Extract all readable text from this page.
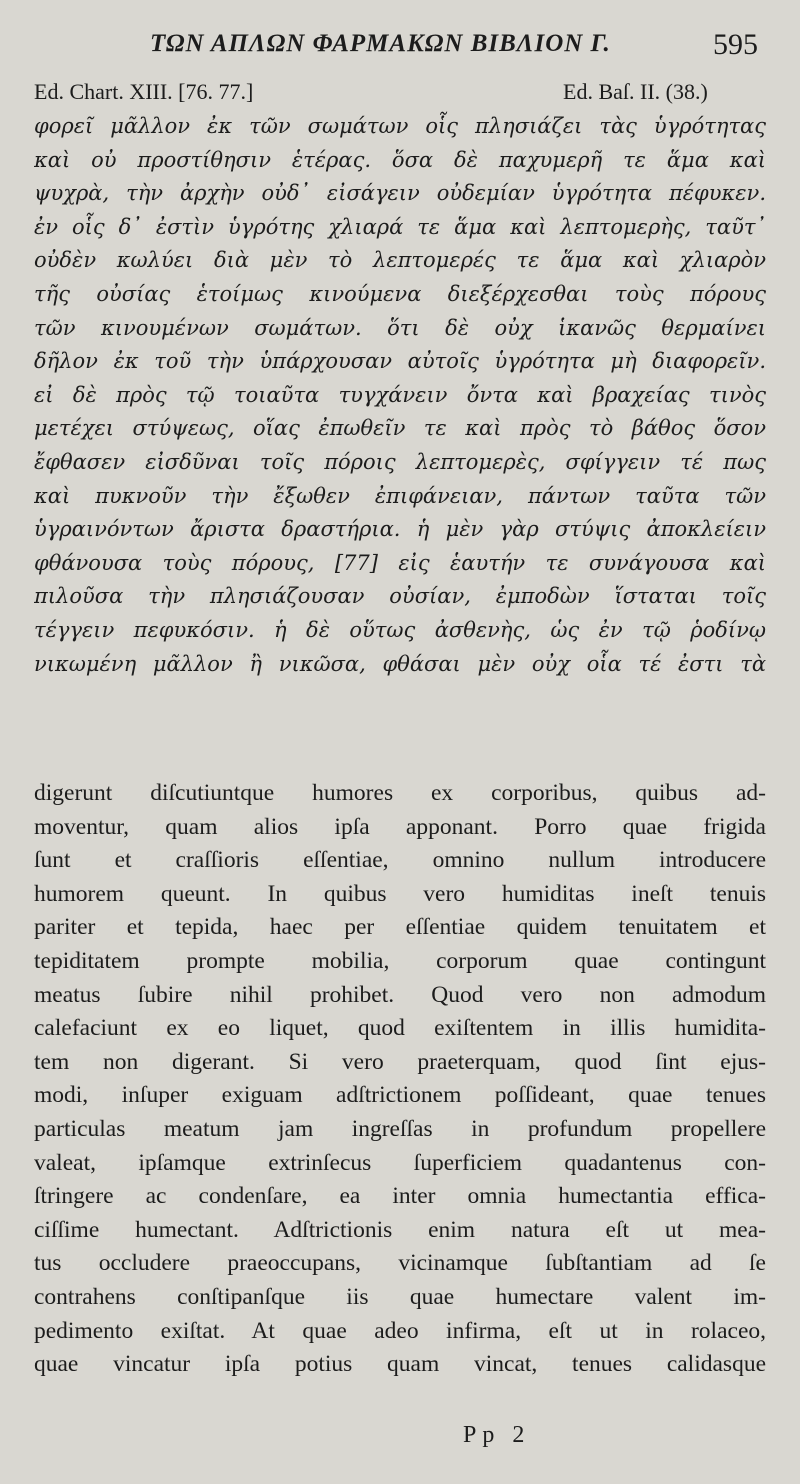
ΤΩΝ ΑΠΛΩΝ ΦΑΡΜΑΚΩΝ ΒΙΒΛΙΟΝ Γ.	595
Ed. Chart. XIII. [76. 77.]	Ed. Baſ. II. (38.)
φορεῖ μᾶλλον ἐκ τῶν σωμάτων οἷς πλησιάζει τὰς ὑγρότητας
καὶ οὐ προστίθησιν ἑτέρας. ὅσα δὲ παχυμερῆ τε ἅμα καὶ
ψυχρὰ, τὴν ἀρχὴν οὐδ᾽ εἰσάγειν οὐδεμίαν ὑγρότητα πέφυκεν.
ἐν οἷς δ᾽ ἐστὶν ὑγρότης χλιαρά τε ἅμα καὶ λεπτομερὴς, ταῦτ᾽
οὐδὲν κωλύει διὰ μὲν τὸ λεπτομερές τε ἅμα καὶ χλιαρὸν
τῆς οὐσίας ἑτοίμως κινούμενα διεξέρχεσθαι τοὺς πόρους
τῶν κινουμένων σωμάτων. ὅτι δὲ οὐχ ἱκανῶς θερμαίνει
δῆλον ἐκ τοῦ τὴν ὑπάρχουσαν αὐτοῖς ὑγρότητα μὴ διαφορεῖν.
εἰ δὲ πρὸς τῷ τοιαῦτα τυγχάνειν ὄντα καὶ βραχείας τινὸς
μετέχει στύψεως, οἵας ἐπωθεῖν τε καὶ πρὸς τὸ βάθος ὅσον
ἔφθασεν εἰσδῦναι τοῖς πόροις λεπτομερὲς, σφίγγειν τέ πως
καὶ πυκνοῦν τὴν ἔξωθεν ἐπιφάνειαν, πάντων ταῦτα τῶν
ὑγραινόντων ἄριστα δραστήρια. ἡ μὲν γὰρ στύψις ἀποκλείειν
φθάνουσα τοὺς πόρους, [77] εἰς ἑαυτήν τε συνάγουσα καὶ
πιλοῦσα τὴν πλησιάζουσαν οὐσίαν, ἐμποδὼν ἵσταται τοῖς
τέγγειν πεφυκόσιν. ἡ δὲ οὕτως ἀσθενὴς, ὡς ἐν τῷ ῥοδίνῳ
νικωμένη μᾶλλον ἢ νικῶσα, φθάσαι μὲν οὐχ οἷα τέ ἐστι τὰ
digerunt diſcutiuntque humores ex corporibus, quibus ad-
moventur, quam alios ipſa apponant. Porro quae frigida
ſunt et craſſioris eſſentiae, omnino nullum introducere
humorem queunt. In quibus vero humiditas ineſt tenuis
pariter et tepida, haec per eſſentiae quidem tenuitatem et
tepiditatem prompte mobilia, corporum quae contingunt
meatus ſubire nihil prohibet. Quod vero non admodum
calefaciunt ex eo liquet, quod exiſtentem in illis humidita-
tem non digerant. Si vero praeterquam, quod ſint ejus-
modi, inſuper exiguam adſtrictionem poſſideant, quae tenues
particulas meatum jam ingreſſas in profundum propellere
valeat, ipſamque extrinſecus ſuperficiem quadantenus con-
ſtringere ac condenſare, ea inter omnia humectantia effica-
ciſſime humectant. Adſtrictionis enim natura eſt ut mea-
tus occludere praeoccupans, vicinamque ſubſtantiam ad ſe
contrahens conſtipanſque iis quae humectare valent im-
pedimento exiſtat. At quae adeo infirma, eſt ut in rolaceo,
quae vincatur ipſa potius quam vincat, tenues calidasque
Pp 2
